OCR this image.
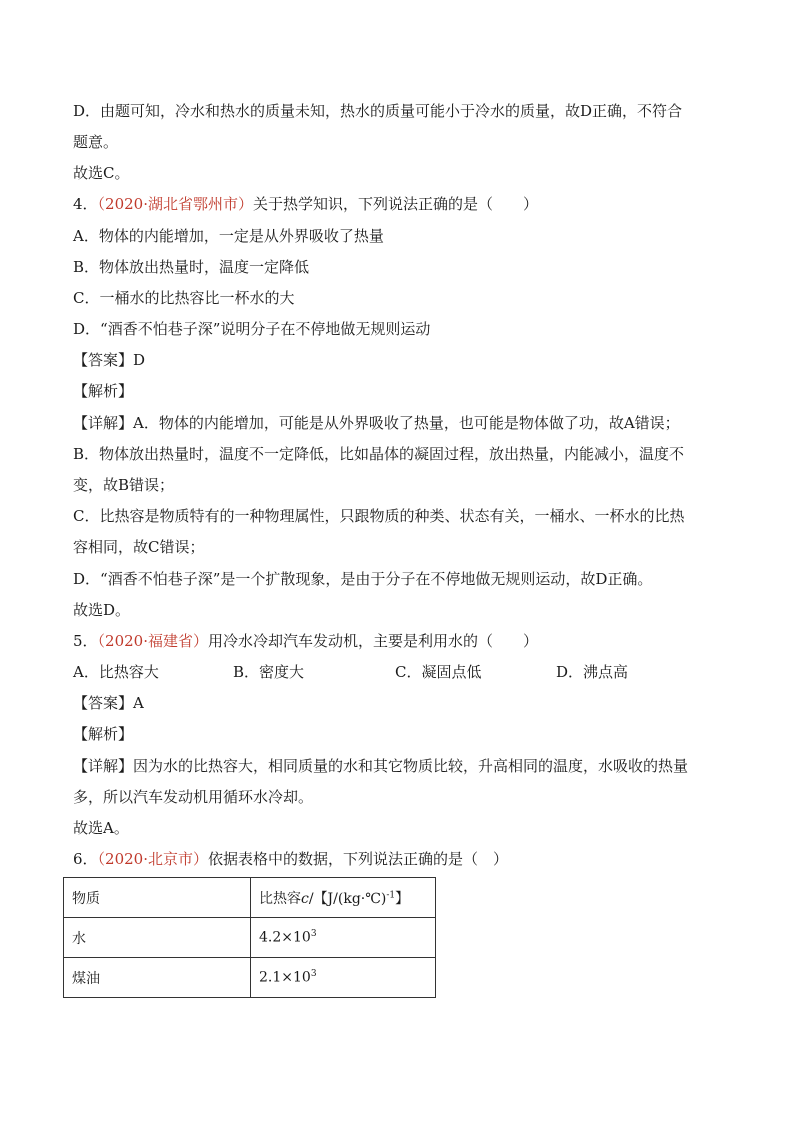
D．由题可知，冷水和热水的质量未知，热水的质量可能小于冷水的质量，故D正确，不符合
题意。
故选C。
4．（2020·湖北省鄂州市）关于热学知识，下列说法正确的是（　　）
A．物体的内能增加，一定是从外界吸收了热量
B．物体放出热量时，温度一定降低
C．一桶水的比热容比一杯水的大
D．“酒香不怕巷子深”说明分子在不停地做无规则运动
【答案】D
【解析】
【详解】A．物体的内能增加，可能是从外界吸收了热量，也可能是物体做了功，故A错误；
B．物体放出热量时，温度不一定降低，比如晶体的凝固过程，放出热量，内能减小，温度不
变，故B错误；
C．比热容是物质特有的一种物理属性，只跟物质的种类、状态有关，一桶水、一杯水的比热
容相同，故C错误；
D．“酒香不怕巷子深”是一个扩散现象，是由于分子在不停地做无规则运动，故D正确。
故选D。
5．（2020·福建省）用冷水冷却汽车发动机，主要是利用水的（　　）
A．比热容大	B．密度大	C．凝固点低	D．沸点高
【答案】A
【解析】
【详解】因为水的比热容大，相同质量的水和其它物质比较，升高相同的温度，水吸收的热量
多，所以汽车发动机用循环水冷却。
故选A。
6．（2020·北京市）依据表格中的数据，下列说法正确的是（　）
物质	比热容c/【J/(kg·℃)$^{-1}$】
水	$4.2\times 10^3$
煤油	$2.1\times 10^3$
